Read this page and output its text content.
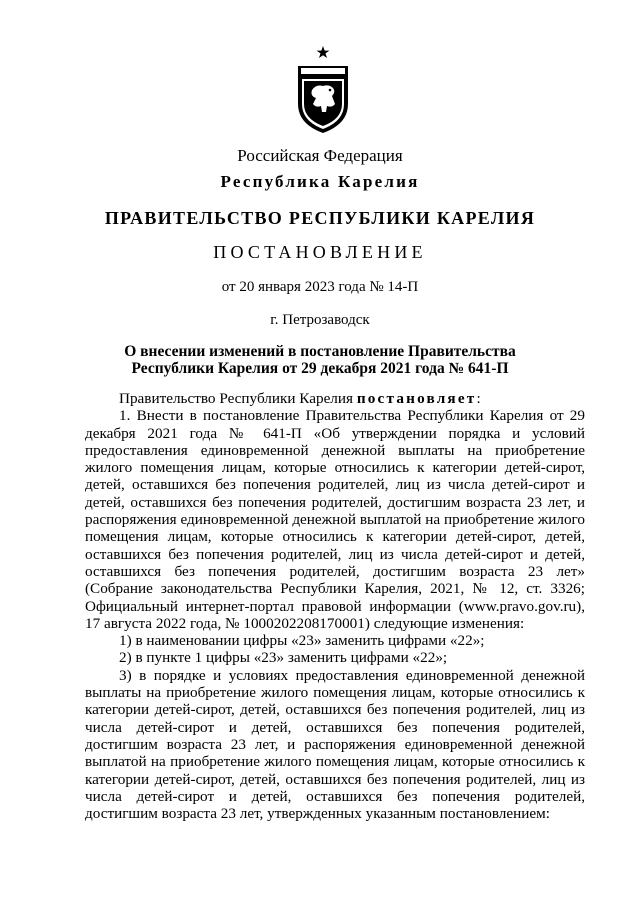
Российская Федерация
Республика Карелия
ПРАВИТЕЛЬСТВО РЕСПУБЛИКИ КАРЕЛИЯ
ПОСТАНОВЛЕНИЕ
от 20 января 2023 года № 14-П
г. Петрозаводск
О внесении изменений в постановление Правительства
Республики Карелия от 29 декабря 2021 года № 641-П

Правительство Республики Карелия постановляет:

1. Внести в постановление Правительства Республики Карелия от 29 декабря 2021 года № 641-П «Об утверждении порядка и условий предоставления единовременной денежной выплаты на приобретение жилого помещения лицам, которые относились к категории детей-сирот, детей, оставшихся без попечения родителей, лиц из числа детей-сирот и детей, оставшихся без попечения родителей, достигшим возраста 23 лет, и распоряжения единовременной денежной выплатой на приобретение жилого помещения лицам, которые относились к категории детей-сирот, детей, оставшихся без попечения родителей, лиц из числа детей-сирот и детей, оставшихся без попечения родителей, достигшим возраста 23 лет» (Собрание законодательства Республики Карелия, 2021, № 12, ст. 3326; Официальный интернет-портал правовой информации (www.pravo.gov.ru), 17 августа 2022 года, № 1000202208170001) следующие изменения:

1) в наименовании цифры «23» заменить цифрами «22»;

2) в пункте 1 цифры «23» заменить цифрами «22»;

3) в порядке и условиях предоставления единовременной денежной выплаты на приобретение жилого помещения лицам, которые относились к категории детей-сирот, детей, оставшихся без попечения родителей, лиц из числа детей-сирот и детей, оставшихся без попечения родителей, достигшим возраста 23 лет, и распоряжения единовременной денежной выплатой на приобретение жилого помещения лицам, которые относились к категории детей-сирот, детей, оставшихся без попечения родителей, лиц из числа детей-сирот и детей, оставшихся без попечения родителей, достигшим возраста 23 лет, утвержденных указанным постановлением:
